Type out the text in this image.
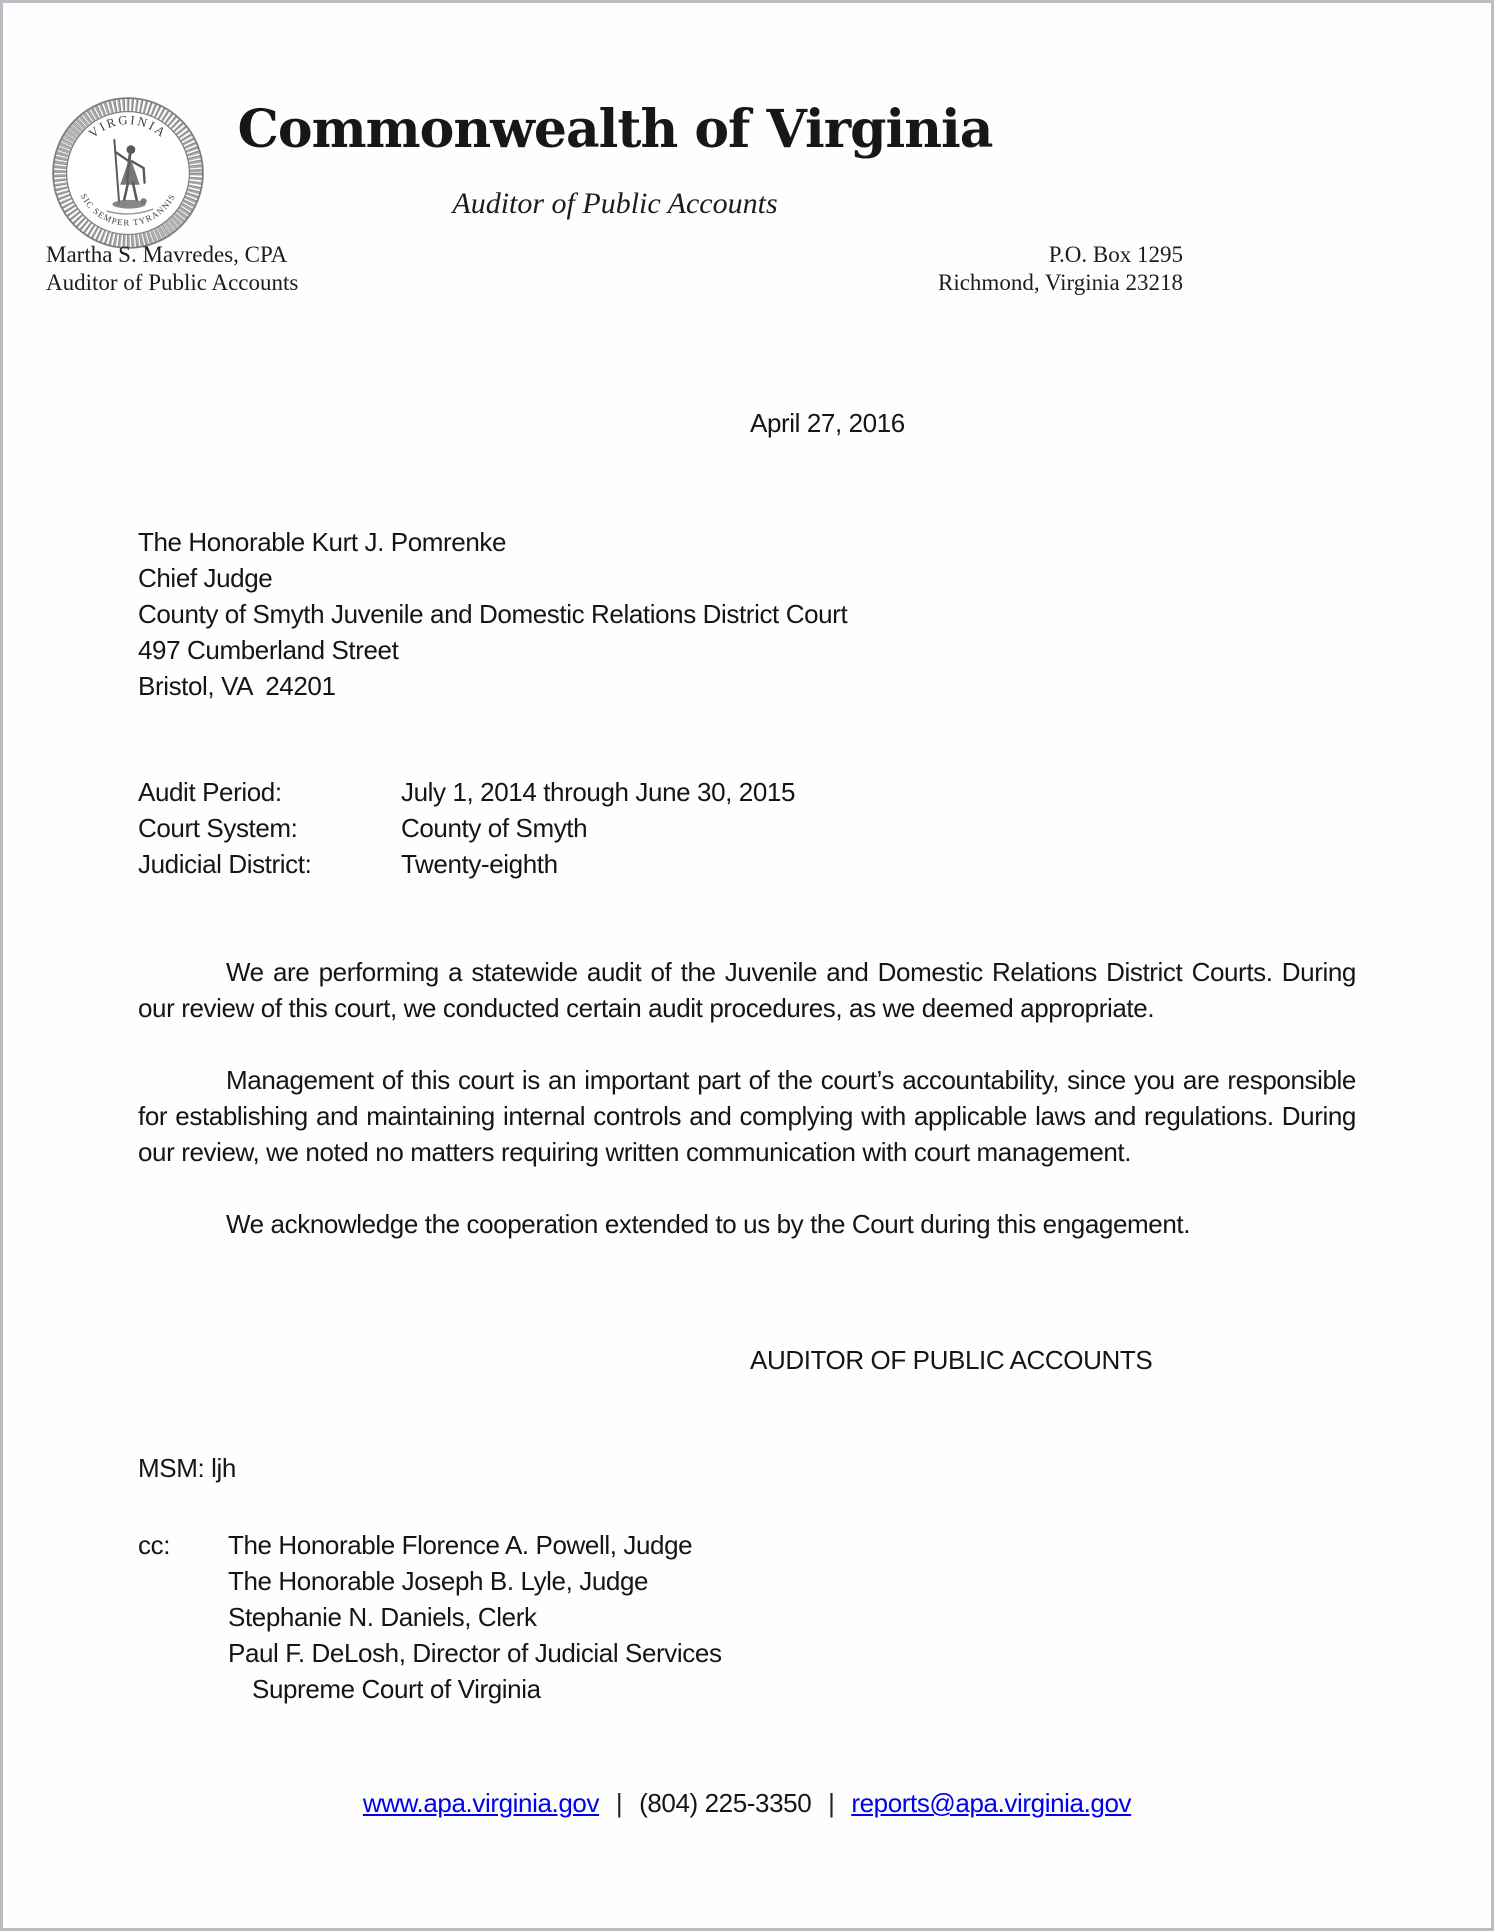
VIRGINIA
SIC SEMPER TYRANNIS
Commonwealth of Virginia
Auditor of Public Accounts
Martha S. Mavredes, CPA
Auditor of Public Accounts
P.O. Box 1295
Richmond, Virginia 23218
April 27, 2016
The Honorable Kurt J. Pomrenke
Chief Judge
County of Smyth Juvenile and Domestic Relations District Court
497 Cumberland Street
Bristol, VA  24201
Audit Period:	July 1, 2014 through June 30, 2015
Court System:	County of Smyth
Judicial District:	Twenty-eighth
We are performing a statewide audit of the Juvenile and Domestic Relations District Courts. During our review of this court, we conducted certain audit procedures, as we deemed appropriate.
Management of this court is an important part of the court’s accountability, since you are responsible for establishing and maintaining internal controls and complying with applicable laws and regulations. During our review, we noted no matters requiring written communication with court management.
We acknowledge the cooperation extended to us by the Court during this engagement.
AUDITOR OF PUBLIC ACCOUNTS
MSM: ljh
cc:	The Honorable Florence A. Powell, Judge
The Honorable Joseph B. Lyle, Judge
Stephanie N. Daniels, Clerk
Paul F. DeLosh, Director of Judicial Services
Supreme Court of Virginia
www.apa.virginia.gov | (804) 225-3350 | reports@apa.virginia.gov
